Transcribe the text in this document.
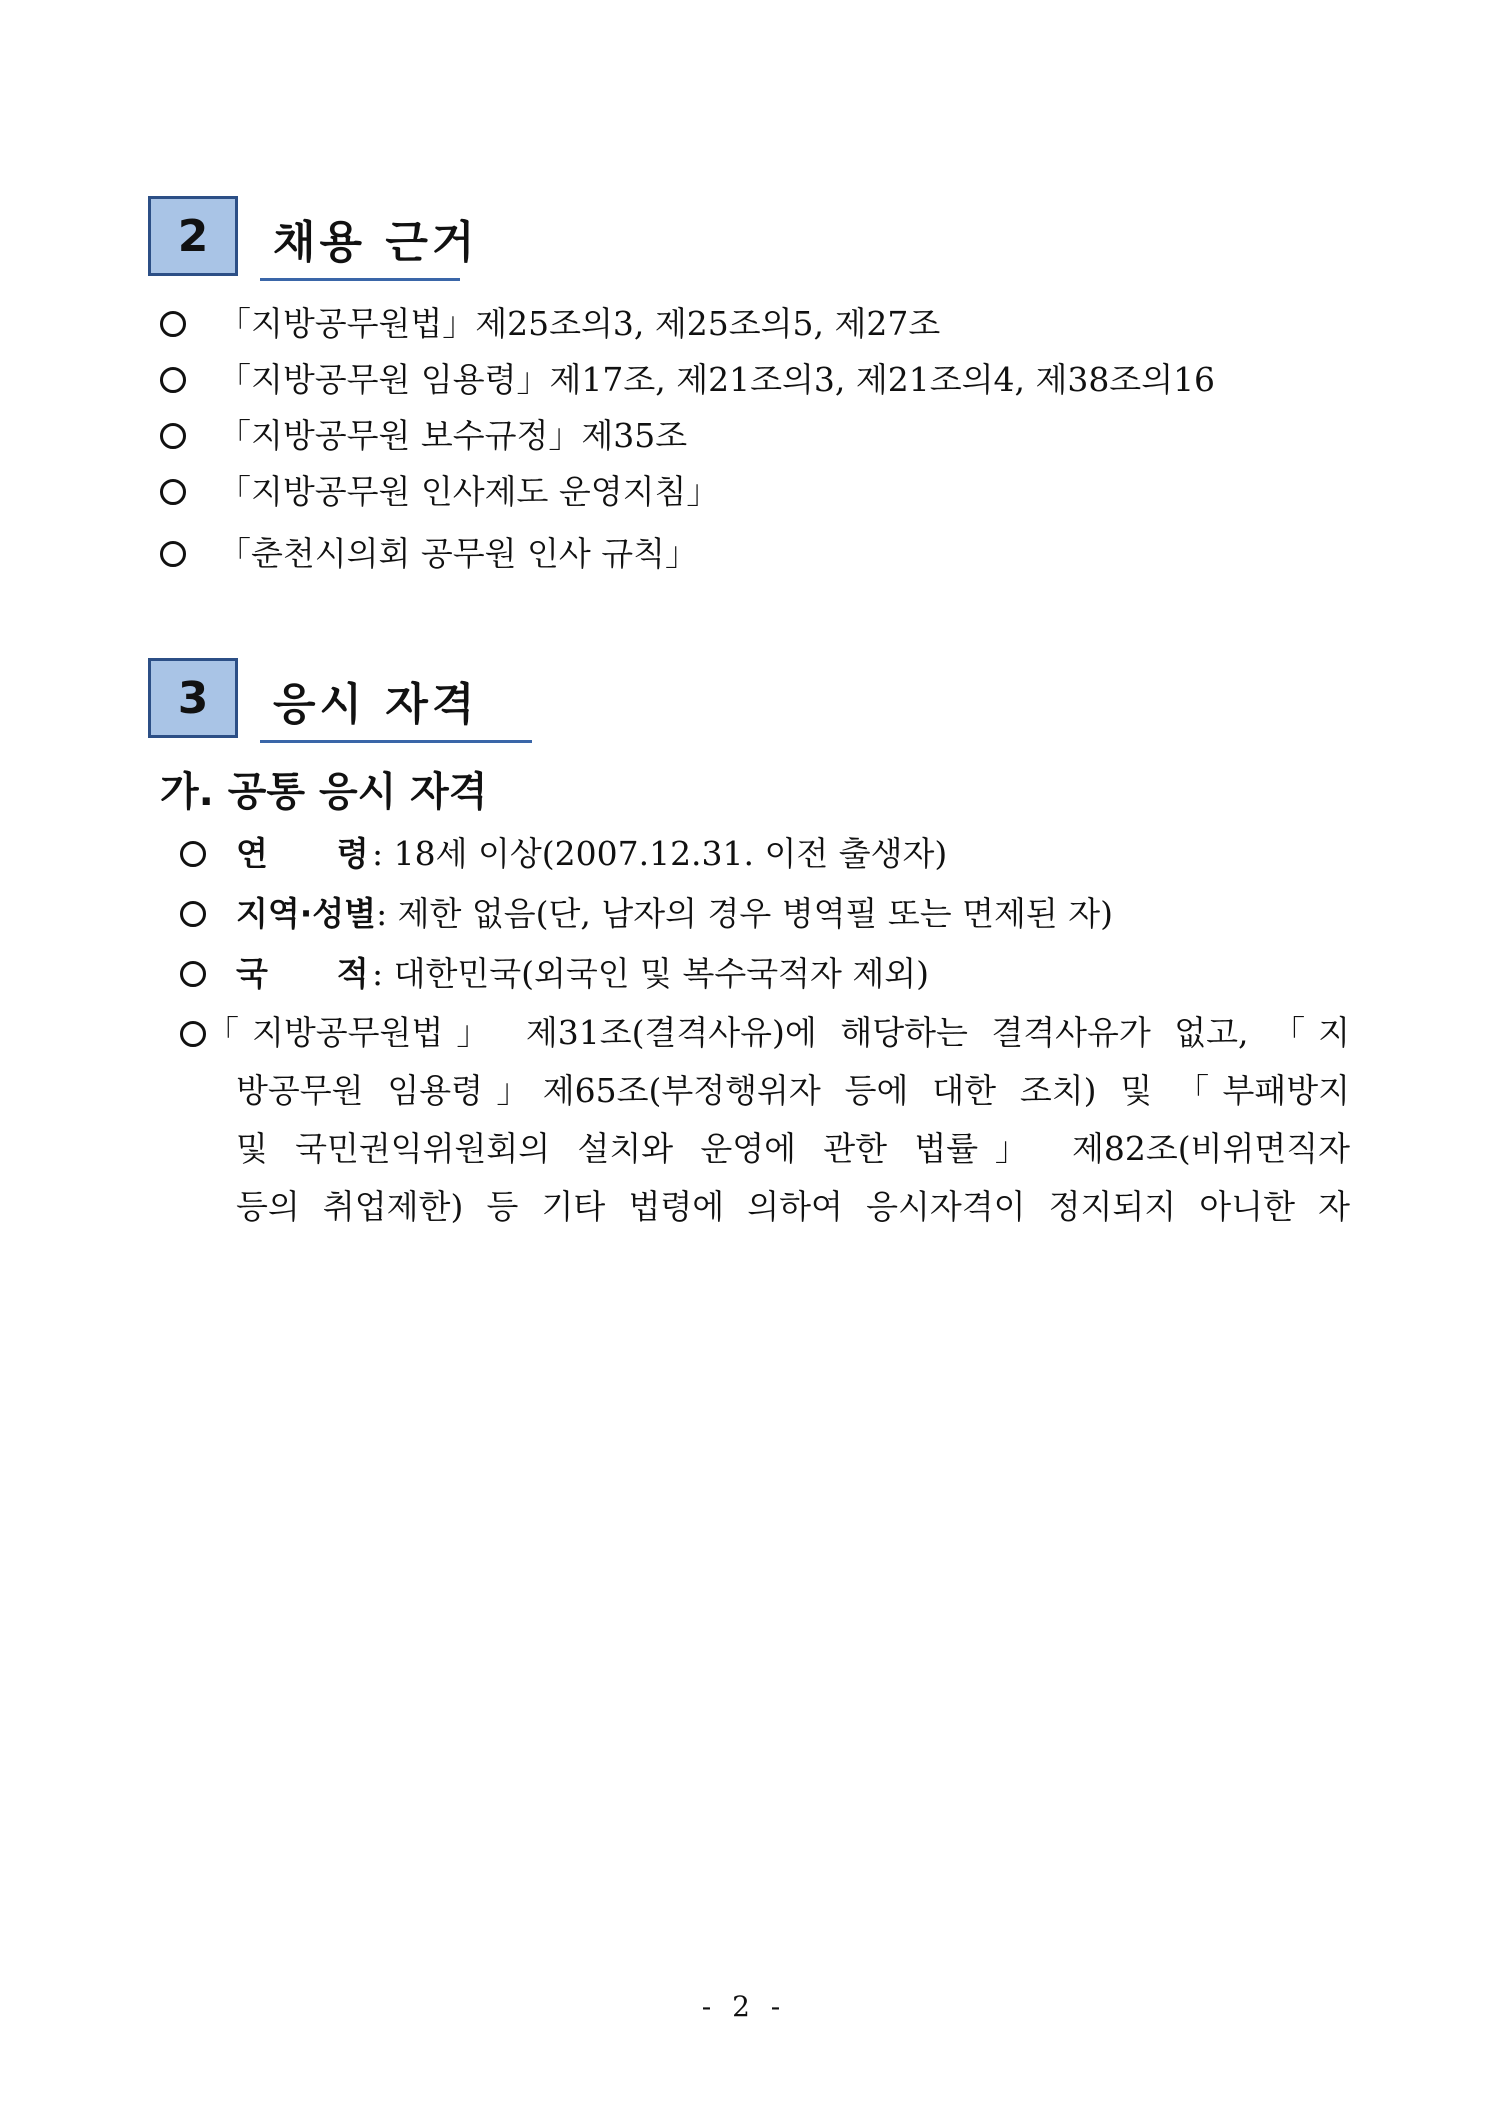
2	채용 근거
「지방공무원법」제25조의3, 제25조의5, 제27조
「지방공무원 임용령」제17조, 제21조의3, 제21조의4, 제38조의16
「지방공무원 보수규정」제35조
「지방공무원 인사제도 운영지침」
「춘천시의회 공무원 인사 규칙」
3	응시 자격
가. 공통 응시 자격
연      령: 18세 이상(2007.12.31. 이전 출생자)
지역·성별: 제한 없음(단, 남자의 경우 병역필 또는 면제된 자)
국      적: 대한민국(외국인 및 복수국적자 제외)
「지방공무원법」 제31조(결격사유)에 해당하는 결격사유가 없고, 「지
방공무원 임용령」제65조(부정행위자 등에 대한 조치) 및 「부패방지
및 국민권익위원회의 설치와 운영에 관한 법률」 제82조(비위면직자
등의 취업제한) 등 기타 법령에 의하여 응시자격이 정지되지 아니한 자
- 2 -
